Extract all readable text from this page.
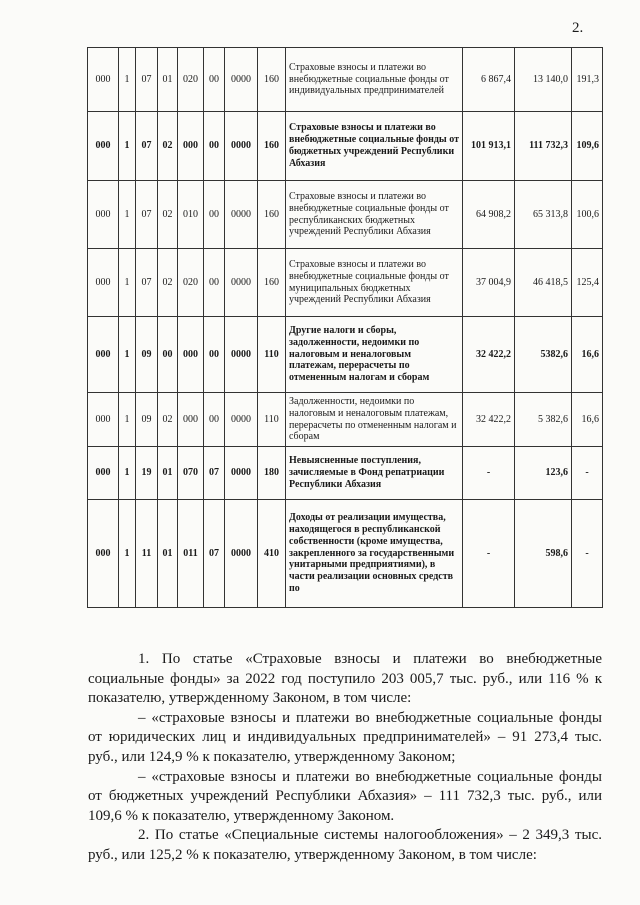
2.
000	1	07	01	020	00	0000	160	Страховые взносы и платежи во внебюджетные социальные фонды от индивидуальных предпринимателей	6 867,4	13 140,0	191,3
000	1	07	02	000	00	0000	160	Страховые взносы и платежи во внебюджетные социальные фонды от бюджетных учреждений Республики Абхазия	101 913,1	111 732,3	109,6
000	1	07	02	010	00	0000	160	Страховые взносы и платежи во внебюджетные социальные фонды от республиканских бюджетных учреждений Республики Абхазия	64 908,2	65 313,8	100,6
000	1	07	02	020	00	0000	160	Страховые взносы и платежи во внебюджетные социальные фонды от муниципальных бюджетных учреждений Республики Абхазия	37 004,9	46 418,5	125,4
000	1	09	00	000	00	0000	110	Другие налоги и сборы, задолженности, недоимки по налоговым и неналоговым платежам, перерасчеты по отмененным налогам и сборам	32 422,2	5382,6	16,6
000	1	09	02	000	00	0000	110	Задолженности, недоимки по налоговым и неналоговым платежам, перерасчеты по отмененным налогам и сборам	32 422,2	5 382,6	16,6
000	1	19	01	070	07	0000	180	Невыясненные поступления, зачисляемые в Фонд репатриации Республики Абхазия	-	123,6	-
000	1	11	01	011	07	0000	410	Доходы от реализации имущества, находящегося в республиканской собственности (кроме имущества, закрепленного за государственными унитарными предприятиями), в части реализации основных средств по	-	598,6	-

1. По статье «Страховые взносы и платежи во внебюджетные социальные фонды» за 2022 год поступило 203 005,7 тыс. руб., или 116 % к показателю, утвержденному Законом, в том числе:

– «страховые взносы и платежи во внебюджетные социальные фонды от юридических лиц и индивидуальных предпринимателей» – 91 273,4 тыс. руб., или 124,9 % к показателю, утвержденному Законом;

– «страховые взносы и платежи во внебюджетные социальные фонды от бюджетных учреждений Республики Абхазия» – 111 732,3 тыс. руб., или 109,6 % к показателю, утвержденному Законом.

2. По статье «Специальные системы налогообложения» – 2 349,3 тыс. руб., или 125,2 % к показателю, утвержденному Законом, в том числе:
